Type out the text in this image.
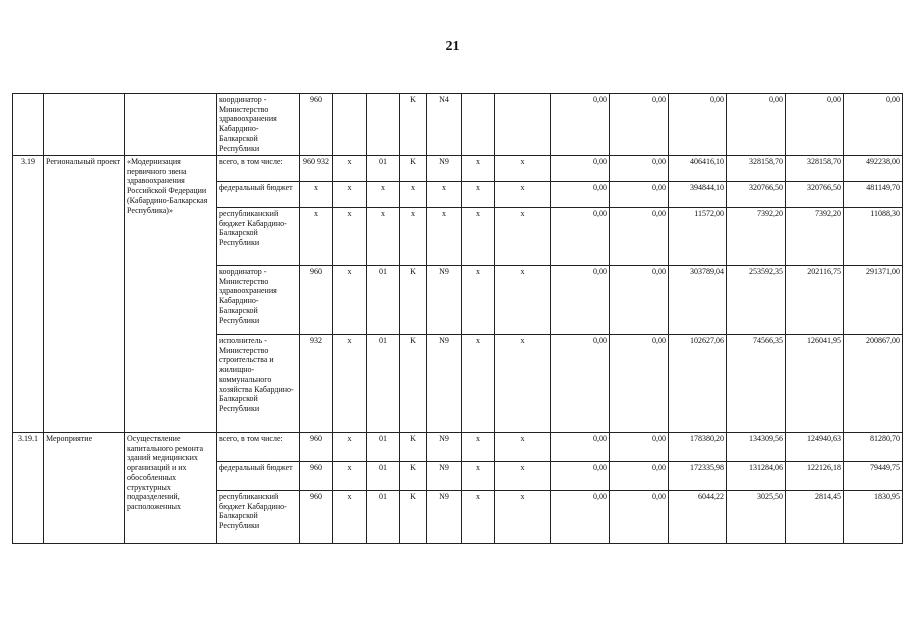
21
			координатор - Министерство здравоохранения Кабардино-Балкарской Республики	960			K	N4			0,00	0,00	0,00	0,00	0,00	0,00
3.19	Региональный проект	«Модернизация первичного звена здравоохранения Российской Федерации (Кабардино-Балкарская Республика)»	всего, в том числе:	960 932	x	01	K	N9	x	x	0,00	0,00	406416,10	328158,70	328158,70	492238,00
			федеральный бюджет	x	x	x	x	x	x	x	0,00	0,00	394844,10	320766,50	320766,50	481149,70
			республиканский бюджет Кабардино-Балкарской Республики	x	x	x	x	x	x	x	0,00	0,00	11572,00	7392,20	7392,20	11088,30
			координатор - Министерство здравоохранения Кабардино-Балкарской Республики	960	x	01	K	N9	x	x	0,00	0,00	303789,04	253592,35	202116,75	291371,00
			исполнитель - Министерство строительства и жилищно-коммунального хозяйства Кабардино-Балкарской Республики	932	x	01	K	N9	x	x	0,00	0,00	102627,06	74566,35	126041,95	200867,00
3.19.1	Мероприятие	Осуществление капитального ремонта зданий медицинских организаций и их обособленных структурных подразделений, расположенных	всего, в том числе:	960	x	01	K	N9	x	x	0,00	0,00	178380,20	134309,56	124940,63	81280,70
			федеральный бюджет	960	x	01	K	N9	x	x	0,00	0,00	172335,98	131284,06	122126,18	79449,75
			республиканский бюджет Кабардино-Балкарской Республики	960	x	01	K	N9	x	x	0,00	0,00	6044,22	3025,50	2814,45	1830,95
